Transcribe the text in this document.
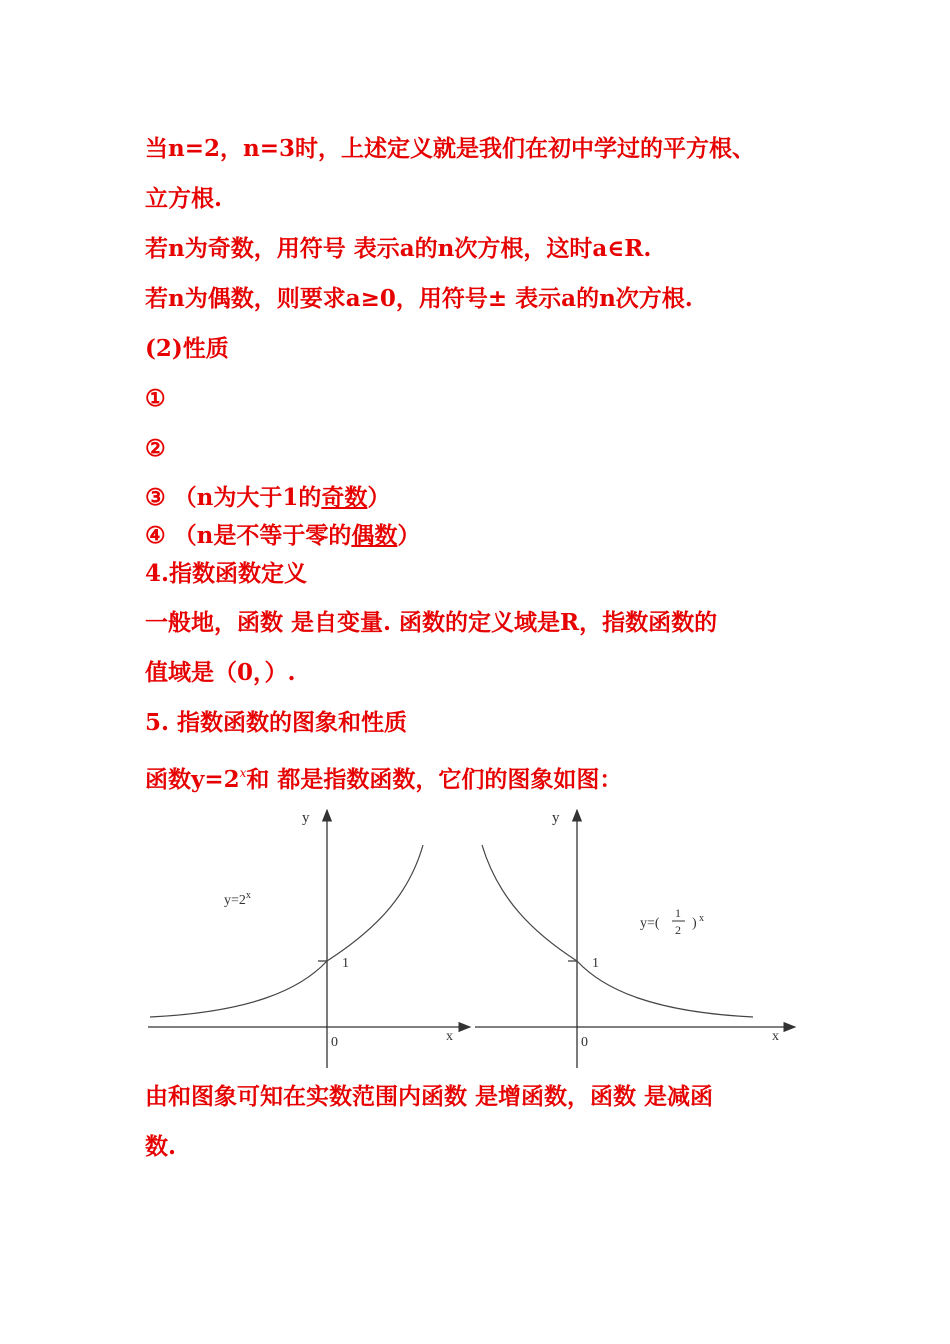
当n=2，n=3时，上述定义就是我们在初中学过的平方根、
立方根.
若n为奇数，用符号 表示a的n次方根，这时a∈R.
若n为偶数，则要求a≥0，用符号± 表示a的n次方根.
(2)性质
①
②
③ （n为大于1的奇数）
④ （n是不等于零的偶数）
4.指数函数定义
一般地，函数 是自变量. 函数的定义域是R，指数函数的
值域是（0，）.
5. 指数函数的图象和性质
函数$y=2^x$和 都是指数函数，它们的图象如图：
y
x
0
1
$y=2^x$
y
x
0
1
y=(
1
2 ) x
由和图象可知在实数范围内函数 是增函数，函数 是减函
数.
